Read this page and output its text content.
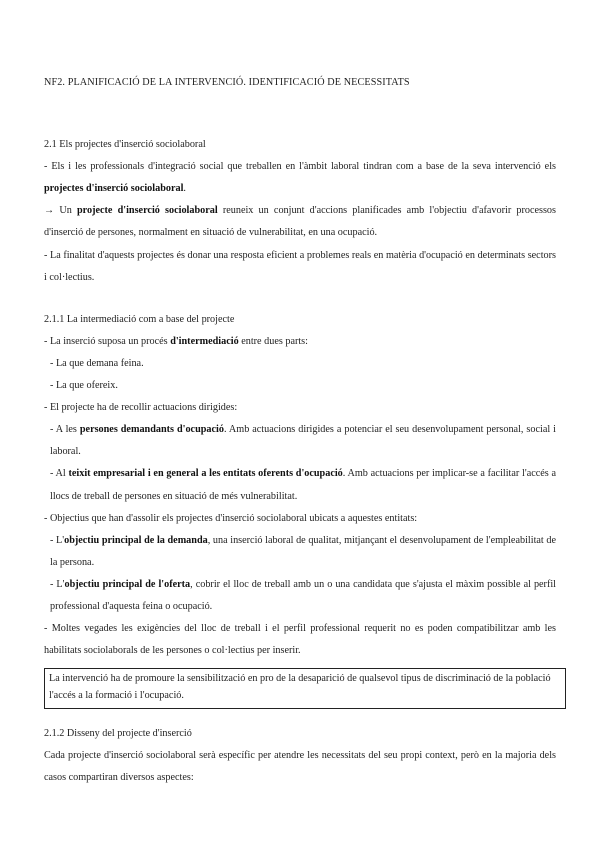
NF2. PLANIFICACIÓ DE LA INTERVENCIÓ. IDENTIFICACIÓ DE NECESSITATS
2.1 Els projectes d'inserció sociolaboral

- Els i les professionals d'integració social que treballen en l'àmbit laboral tindran com a base de la seva intervenció els projectes d'inserció sociolaboral.

→ Un projecte d'inserció sociolaboral reuneix un conjunt d'accions planificades amb l'objectiu d'afavorir processos d'inserció de persones, normalment en situació de vulnerabilitat, en una ocupació.

- La finalitat d'aquests projectes és donar una resposta eficient a problemes reals en matèria d'ocupació en determinats sectors i col·lectius.

2.1.1 La intermediació com a base del projecte

- La inserció suposa un procés d'intermediació entre dues parts:

- La que demana feina.

- La que ofereix.

- El projecte ha de recollir actuacions dirigides:

- A les persones demandants d'ocupació. Amb actuacions dirigides a potenciar el seu desenvolupament personal, social i laboral.

- Al teixit empresarial i en general a les entitats oferents d'ocupació. Amb actuacions per implicar-se a facilitar l'accés a llocs de treball de persones en situació de més vulnerabilitat.

- Objectius que han d'assolir els projectes d'inserció sociolaboral ubicats a aquestes entitats:

- L'objectiu principal de la demanda, una inserció laboral de qualitat, mitjançant el desenvolupament de l'empleabilitat de la persona.

- L'objectiu principal de l'oferta, cobrir el lloc de treball amb un o una candidata que s'ajusta el màxim possible al perfil professional d'aquesta feina o ocupació.

- Moltes vegades les exigències del lloc de treball i el perfil professional requerit no es poden compatibilitzar amb les habilitats sociolaborals de les persones o col·lectius per inserir.

La intervenció ha de promoure la sensibilització en pro de la desaparició de qualsevol tipus de discriminació de la població
l'accés a la formació i l'ocupació.
2.1.2 Disseny del projecte d'inserció

Cada projecte d'inserció sociolaboral serà específic per atendre les necessitats del seu propi context, però en la majoria dels casos compartiran diversos aspectes:
